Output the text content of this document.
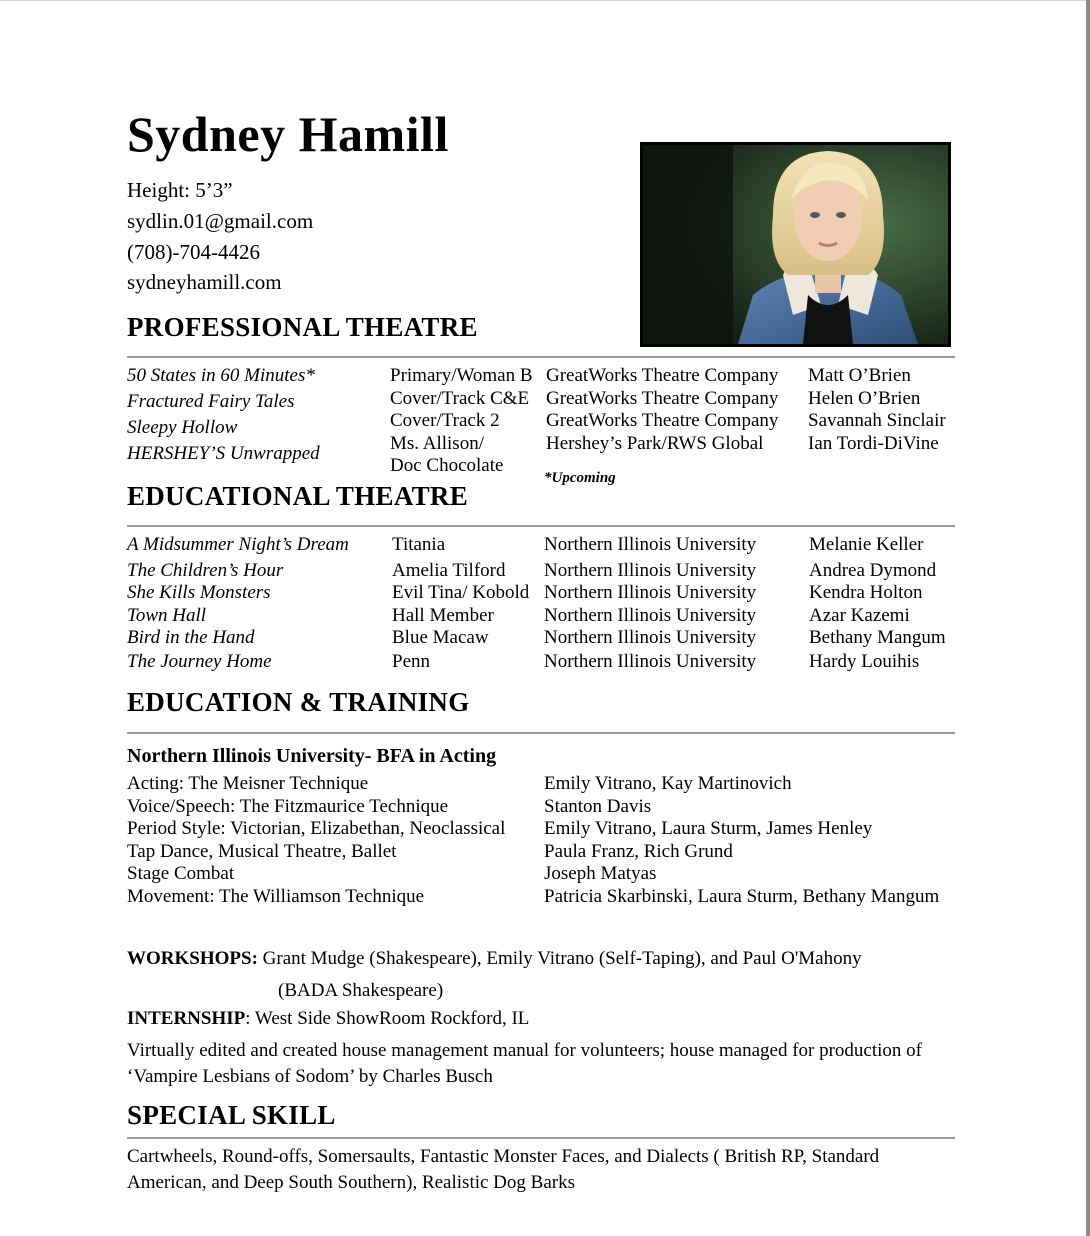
Sydney Hamill
Height: 5’3”
sydlin.01@gmail.com
(708)-704-4426
sydneyhamill.com
PROFESSIONAL THEATRE
50 States in 60 Minutes*
Fractured Fairy Tales
Sleepy Hollow
HERSHEY’S Unwrapped
Primary/Woman B
Cover/Track C&E
Cover/Track 2
Ms. Allison/
Doc Chocolate
GreatWorks Theatre Company
GreatWorks Theatre Company
GreatWorks Theatre Company
Hershey’s Park/RWS Global
Matt O’Brien
Helen O’Brien
Savannah Sinclair
Ian Tordi-DiVine
*Upcoming
EDUCATIONAL THEATRE
A Midsummer Night’s Dream
The Children’s Hour
She Kills Monsters
Town Hall
Bird in the Hand
The Journey Home
Titania
Amelia Tilford
Evil Tina/ Kobold
Hall Member
Blue Macaw
Penn
Northern Illinois University
Northern Illinois University
Northern Illinois University
Northern Illinois University
Northern Illinois University
Northern Illinois University
Melanie Keller
Andrea Dymond
Kendra Holton
Azar Kazemi
Bethany Mangum
Hardy Louihis
EDUCATION & TRAINING
Northern Illinois University- BFA in Acting
Acting: The Meisner Technique
Voice/Speech: The Fitzmaurice Technique
Period Style: Victorian, Elizabethan, Neoclassical
Tap Dance, Musical Theatre, Ballet
Stage Combat
Movement: The Williamson Technique
Emily Vitrano, Kay Martinovich
Stanton Davis
Emily Vitrano, Laura Sturm, James Henley
Paula Franz, Rich Grund
Joseph Matyas
Patricia Skarbinski, Laura Sturm, Bethany Mangum
WORKSHOPS: Grant Mudge (Shakespeare), Emily Vitrano (Self-Taping), and Paul O'Mahony
(BADA Shakespeare)
INTERNSHIP: West Side ShowRoom Rockford, IL
Virtually edited and created house management manual for volunteers; house managed for production of
‘Vampire Lesbians of Sodom’ by Charles Busch
SPECIAL SKILL
Cartwheels, Round-offs, Somersaults, Fantastic Monster Faces, and Dialects ( British RP, Standard
American, and Deep South Southern), Realistic Dog Barks
